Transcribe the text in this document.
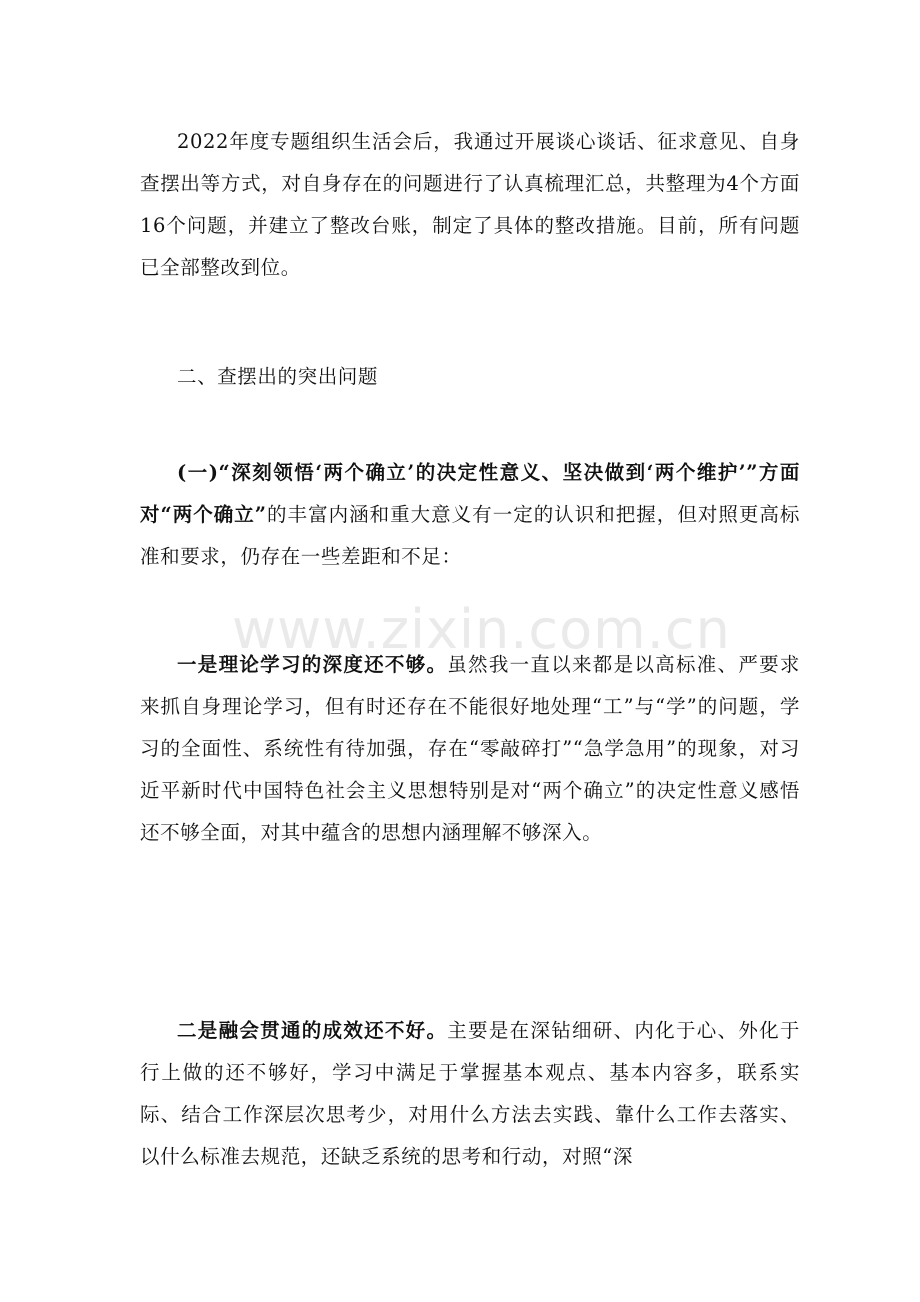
2022年度专题组织生活会后，我通过开展谈心谈话、征求意见、自身查摆出等方式，对自身存在的问题进行了认真梳理汇总，共整理为4个方面16个问题，并建立了整改台账，制定了具体的整改措施。目前，所有问题已全部整改到位。

二、查摆出的突出问题

(一)“深刻领悟‘两个确立’的决定性意义、坚决做到‘两个维护’”方面对“两个确立”的丰富内涵和重大意义有一定的认识和把握，但对照更高标准和要求，仍存在一些差距和不足：

一是理论学习的深度还不够。虽然我一直以来都是以高标准、严要求来抓自身理论学习，但有时还存在不能很好地处理“工”与“学”的问题，学习的全面性、系统性有待加强，存在“零敲碎打”“急学急用”的现象，对习近平新时代中国特色社会主义思想特别是对“两个确立”的决定性意义感悟还不够全面，对其中蕴含的思想内涵理解不够深入。

二是融会贯通的成效还不好。主要是在深钻细研、内化于心、外化于行上做的还不够好，学习中满足于掌握基本观点、基本内容多，联系实际、结合工作深层次思考少，对用什么方法去实践、靠什么工作去落实、以什么标准去规范，还缺乏系统的思考和行动，对照“深

www.zixin.com.cn
